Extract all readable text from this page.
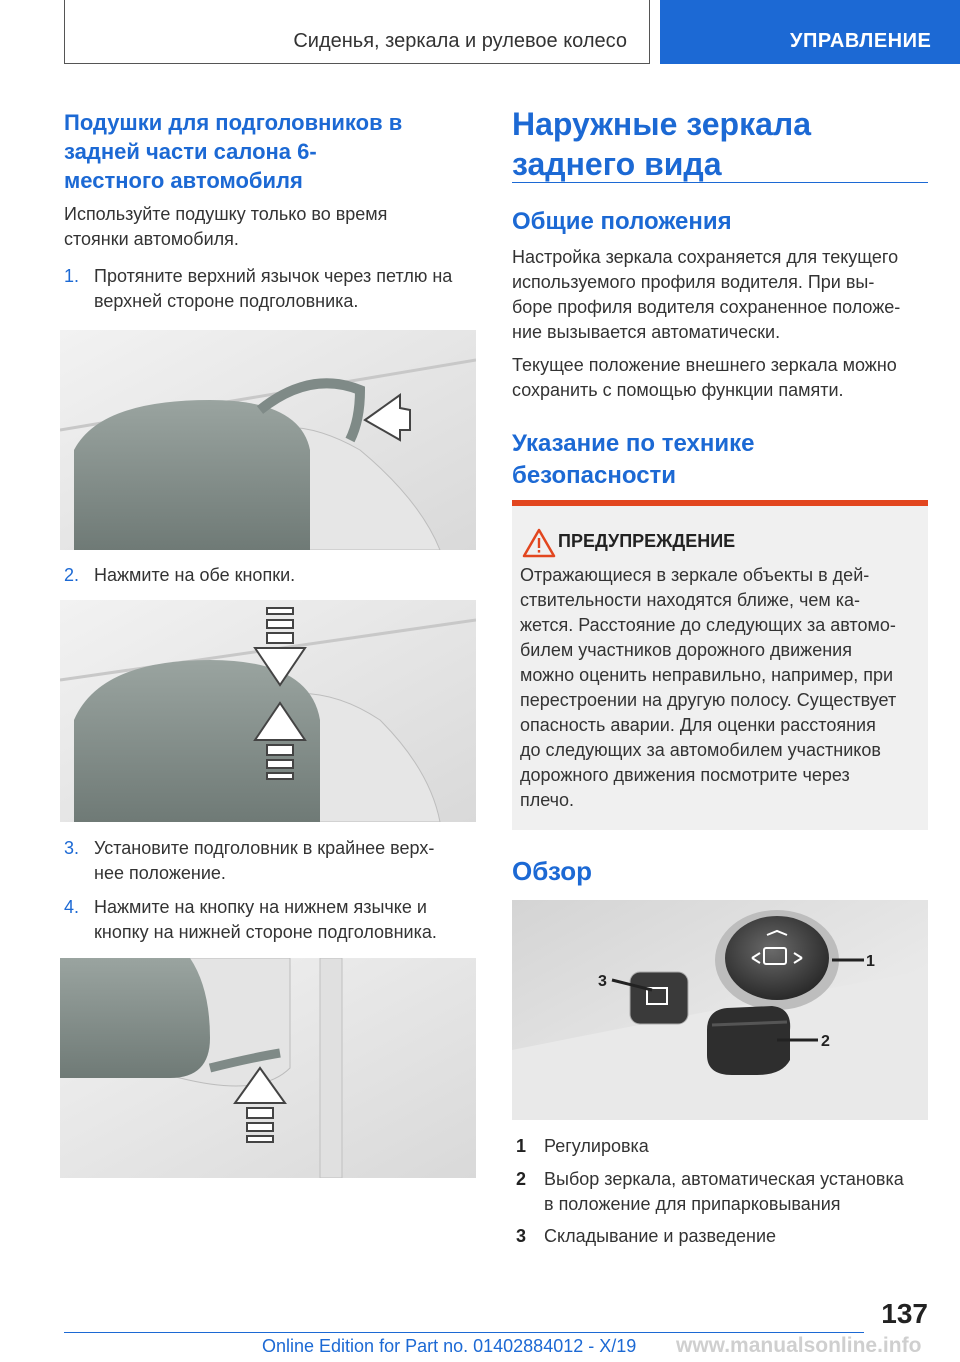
Сиденья, зеркала и рулевое колесо	УПРАВЛЕНИЕ
Подушки для подголовников в
задней части салона 6-
местного автомобиля
Используйте подушку только во время
стоянки автомобиля.
1. Протяните верхний язычок через петлю на
верхней стороне подголовника.
2. Нажмите на обе кнопки.
3. Установите подголовник в крайнее верх-
нее положение.
4. Нажмите на кнопку на нижнем язычке и
кнопку на нижней стороне подголовника.
Наружные зеркала
заднего вида
Общие положения
Настройка зеркала сохраняется для текущего
используемого профиля водителя. При вы-
боре профиля водителя сохраненное положе-
ние вызывается автоматически.
Текущее положение внешнего зеркала можно
сохранить с помощью функции памяти.
Указание по технике
безопасности
ПРЕДУПРЕЖДЕНИЕ
Отражающиеся в зеркале объекты в дей-
ствительности находятся ближе, чем ка-
жется. Расстояние до следующих за автомо-
билем участников дорожного движения
можно оценить неправильно, например, при
перестроении на другую полосу. Существует
опасность аварии. Для оценки расстояния
до следующих за автомобилем участников
дорожного движения посмотрите через
плечо.
Обзор
1
2
3
1 Регулировка
2 Выбор зеркала, автоматическая установка
в положение для припарковывания
3 Складывание и разведение
137
Online Edition for Part no. 01402884012 - X/19 www.manualsonline.info
